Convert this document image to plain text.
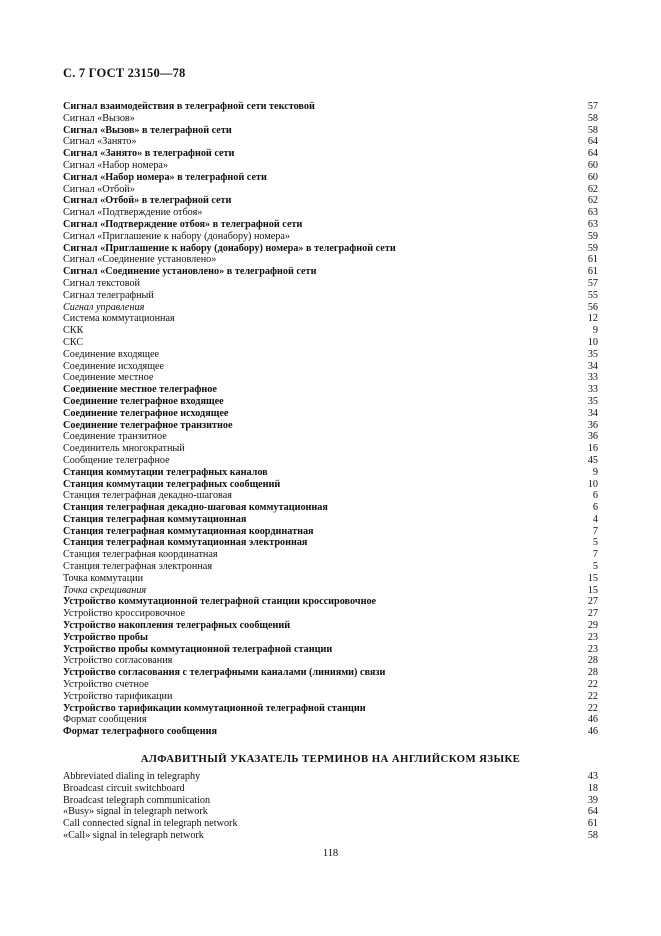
С. 7 ГОСТ 23150—78
Сигнал взаимодействия в телеграфной сети текстовой	57
Сигнал «Вызов»	58
Сигнал «Вызов» в телеграфной сети	58
Сигнал «Занято»	64
Сигнал «Занято» в телеграфной сети	64
Сигнал «Набор номера»	60
Сигнал «Набор номера» в телеграфной сети	60
Сигнал «Отбой»	62
Сигнал «Отбой» в телеграфной сети	62
Сигнал «Подтверждение отбоя»	63
Сигнал «Подтверждение отбоя» в телеграфной сети	63
Сигнал «Приглашение к набору (донабору) номера»	59
Сигнал «Приглашение к набору (донабору) номера» в телеграфной сети	59
Сигнал «Соединение установлено»	61
Сигнал «Соединение установлено» в телеграфной сети	61
Сигнал текстовой	57
Сигнал телеграфный	55
Сигнал управления	56
Система коммутационная	12
СКК	9
СКС	10
Соединение входящее	35
Соединение исходящее	34
Соединение местное	33
Соединение местное телеграфное	33
Соединение телеграфное входящее	35
Соединение телеграфное исходящее	34
Соединение телеграфное транзитное	36
Соединение транзитное	36
Соединитель многократный	16
Сообщение телеграфное	45
Станция коммутации телеграфных каналов	9
Станция коммутации телеграфных сообщений	10
Станция телеграфная декадно-шаговая	6
Станция телеграфная декадно-шаговая коммутационная	6
Станция телеграфная коммутационная	4
Станция телеграфная коммутационная координатная	7
Станция телеграфная коммутационная электронная	5
Станция телеграфная координатная	7
Станция телеграфная электронная	5
Точка коммутации	15
Точка скрещивания	15
Устройство коммутационной телеграфной станции кроссировочное	27
Устройство кроссировочное	27
Устройство накопления телеграфных сообщений	29
Устройство пробы	23
Устройство пробы коммутационной телеграфной станции	23
Устройство согласования	28
Устройство согласования с телеграфными каналами (линиями) связи	28
Устройство счетное	22
Устройство тарификации	22
Устройство тарификации коммутационной телеграфной станции	22
Формат сообщения	46
Формат телеграфного сообщения	46
АЛФАВИТНЫЙ УКАЗАТЕЛЬ ТЕРМИНОВ НА АНГЛИЙСКОМ ЯЗЫКЕ
Abbreviated dialing in telegraphy	43
Broadcast circuit switchboard	18
Broadcast telegraph communication	39
«Busy» signal in telegraph network	64
Call connected signal in telegraph network	61
«Call» signal in telegraph network	58
118
